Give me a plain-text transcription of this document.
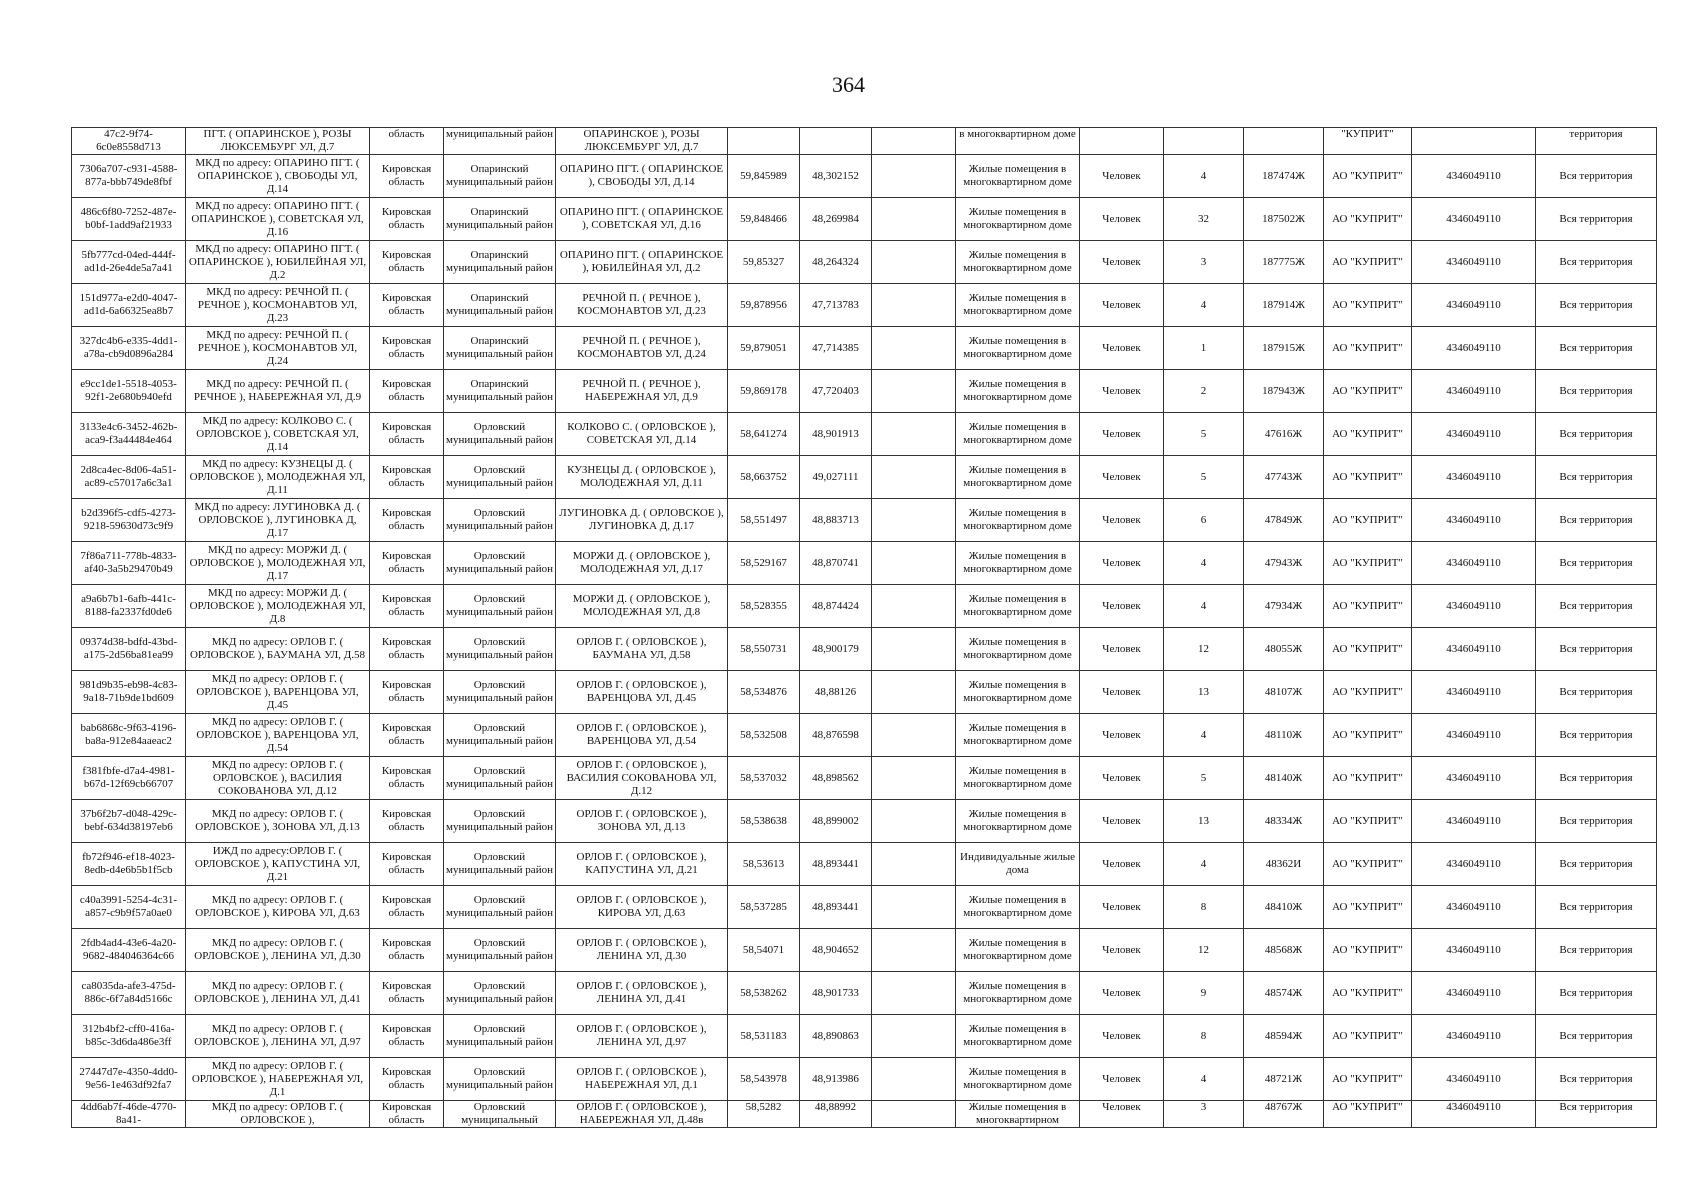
364
47c2-9f74-6c0e8558d713	ПГТ. ( ОПАРИНСКОЕ ), РОЗЫ ЛЮКСЕМБУРГ УЛ, Д.7	область	муниципальный район	ОПАРИНСКОЕ ), РОЗЫ ЛЮКСЕМБУРГ УЛ, Д.7				в многоквартирном доме				"КУПРИТ"		территория
7306a707-c931-4588-877a-bbb749de8fbf	МКД по адресу: ОПАРИНО ПГТ. ( ОПАРИНСКОЕ ), СВОБОДЫ УЛ, Д.14	Кировская область	Опаринский муниципальный район	ОПАРИНО ПГТ. ( ОПАРИНСКОЕ ), СВОБОДЫ УЛ, Д.14	59,845989	48,302152		Жилые помещения в многоквартирном доме	Человек	4	187474Ж	АО "КУПРИТ"	4346049110	Вся территория
486c6f80-7252-487e-b0bf-1add9af21933	МКД по адресу: ОПАРИНО ПГТ. ( ОПАРИНСКОЕ ), СОВЕТСКАЯ УЛ, Д.16	Кировская область	Опаринский муниципальный район	ОПАРИНО ПГТ. ( ОПАРИНСКОЕ ), СОВЕТСКАЯ УЛ, Д.16	59,848466	48,269984		Жилые помещения в многоквартирном доме	Человек	32	187502Ж	АО "КУПРИТ"	4346049110	Вся территория
5fb777cd-04ed-444f-ad1d-26e4de5a7a41	МКД по адресу: ОПАРИНО ПГТ. ( ОПАРИНСКОЕ ), ЮБИЛЕЙНАЯ УЛ, Д.2	Кировская область	Опаринский муниципальный район	ОПАРИНО ПГТ. ( ОПАРИНСКОЕ ), ЮБИЛЕЙНАЯ УЛ, Д.2	59,85327	48,264324		Жилые помещения в многоквартирном доме	Человек	3	187775Ж	АО "КУПРИТ"	4346049110	Вся территория
151d977a-e2d0-4047-ad1d-6a66325ea8b7	МКД по адресу: РЕЧНОЙ П. ( РЕЧНОЕ ), КОСМОНАВТОВ УЛ, Д.23	Кировская область	Опаринский муниципальный район	РЕЧНОЙ П. ( РЕЧНОЕ ), КОСМОНАВТОВ УЛ, Д.23	59,878956	47,713783		Жилые помещения в многоквартирном доме	Человек	4	187914Ж	АО "КУПРИТ"	4346049110	Вся территория
327dc4b6-e335-4dd1-a78a-cb9d0896a284	МКД по адресу: РЕЧНОЙ П. ( РЕЧНОЕ ), КОСМОНАВТОВ УЛ, Д.24	Кировская область	Опаринский муниципальный район	РЕЧНОЙ П. ( РЕЧНОЕ ), КОСМОНАВТОВ УЛ, Д.24	59,879051	47,714385		Жилые помещения в многоквартирном доме	Человек	1	187915Ж	АО "КУПРИТ"	4346049110	Вся территория
e9cc1de1-5518-4053-92f1-2e680b940efd	МКД по адресу: РЕЧНОЙ П. ( РЕЧНОЕ ), НАБЕРЕЖНАЯ УЛ, Д.9	Кировская область	Опаринский муниципальный район	РЕЧНОЙ П. ( РЕЧНОЕ ), НАБЕРЕЖНАЯ УЛ, Д.9	59,869178	47,720403		Жилые помещения в многоквартирном доме	Человек	2	187943Ж	АО "КУПРИТ"	4346049110	Вся территория
3133e4c6-3452-462b-aca9-f3a44484e464	МКД по адресу: КОЛКОВО С. ( ОРЛОВСКОЕ ), СОВЕТСКАЯ УЛ, Д.14	Кировская область	Орловский муниципальный район	КОЛКОВО С. ( ОРЛОВСКОЕ ), СОВЕТСКАЯ УЛ, Д.14	58,641274	48,901913		Жилые помещения в многоквартирном доме	Человек	5	47616Ж	АО "КУПРИТ"	4346049110	Вся территория
2d8ca4ec-8d06-4a51-ac89-c57017a6c3a1	МКД по адресу: КУЗНЕЦЫ Д. ( ОРЛОВСКОЕ ), МОЛОДЕЖНАЯ УЛ, Д.11	Кировская область	Орловский муниципальный район	КУЗНЕЦЫ Д. ( ОРЛОВСКОЕ ), МОЛОДЕЖНАЯ УЛ, Д.11	58,663752	49,027111		Жилые помещения в многоквартирном доме	Человек	5	47743Ж	АО "КУПРИТ"	4346049110	Вся территория
b2d396f5-cdf5-4273-9218-59630d73c9f9	МКД по адресу: ЛУГИНОВКА Д. ( ОРЛОВСКОЕ ), ЛУГИНОВКА Д, Д.17	Кировская область	Орловский муниципальный район	ЛУГИНОВКА Д. ( ОРЛОВСКОЕ ), ЛУГИНОВКА Д, Д.17	58,551497	48,883713		Жилые помещения в многоквартирном доме	Человек	6	47849Ж	АО "КУПРИТ"	4346049110	Вся территория
7f86a711-778b-4833-af40-3a5b29470b49	МКД по адресу: МОРЖИ Д. ( ОРЛОВСКОЕ ), МОЛОДЕЖНАЯ УЛ, Д.17	Кировская область	Орловский муниципальный район	МОРЖИ Д. ( ОРЛОВСКОЕ ), МОЛОДЕЖНАЯ УЛ, Д.17	58,529167	48,870741		Жилые помещения в многоквартирном доме	Человек	4	47943Ж	АО "КУПРИТ"	4346049110	Вся территория
a9a6b7b1-6afb-441c-8188-fa2337fd0de6	МКД по адресу: МОРЖИ Д. ( ОРЛОВСКОЕ ), МОЛОДЕЖНАЯ УЛ, Д.8	Кировская область	Орловский муниципальный район	МОРЖИ Д. ( ОРЛОВСКОЕ ), МОЛОДЕЖНАЯ УЛ, Д.8	58,528355	48,874424		Жилые помещения в многоквартирном доме	Человек	4	47934Ж	АО "КУПРИТ"	4346049110	Вся территория
09374d38-bdfd-43bd-a175-2d56ba81ea99	МКД по адресу: ОРЛОВ Г. ( ОРЛОВСКОЕ ), БАУМАНА УЛ, Д.58	Кировская область	Орловский муниципальный район	ОРЛОВ Г. ( ОРЛОВСКОЕ ), БАУМАНА УЛ, Д.58	58,550731	48,900179		Жилые помещения в многоквартирном доме	Человек	12	48055Ж	АО "КУПРИТ"	4346049110	Вся территория
981d9b35-eb98-4c83-9a18-71b9de1bd609	МКД по адресу: ОРЛОВ Г. ( ОРЛОВСКОЕ ), ВАРЕНЦОВА УЛ, Д.45	Кировская область	Орловский муниципальный район	ОРЛОВ Г. ( ОРЛОВСКОЕ ), ВАРЕНЦОВА УЛ, Д.45	58,534876	48,88126		Жилые помещения в многоквартирном доме	Человек	13	48107Ж	АО "КУПРИТ"	4346049110	Вся территория
bab6868c-9f63-4196-ba8a-912e84aaeac2	МКД по адресу: ОРЛОВ Г. ( ОРЛОВСКОЕ ), ВАРЕНЦОВА УЛ, Д.54	Кировская область	Орловский муниципальный район	ОРЛОВ Г. ( ОРЛОВСКОЕ ), ВАРЕНЦОВА УЛ, Д.54	58,532508	48,876598		Жилые помещения в многоквартирном доме	Человек	4	48110Ж	АО "КУПРИТ"	4346049110	Вся территория
f381fbfe-d7a4-4981-b67d-12f69cb66707	МКД по адресу: ОРЛОВ Г. ( ОРЛОВСКОЕ ), ВАСИЛИЯ СОКОВАНОВА УЛ, Д.12	Кировская область	Орловский муниципальный район	ОРЛОВ Г. ( ОРЛОВСКОЕ ), ВАСИЛИЯ СОКОВАНОВА УЛ, Д.12	58,537032	48,898562		Жилые помещения в многоквартирном доме	Человек	5	48140Ж	АО "КУПРИТ"	4346049110	Вся территория
37b6f2b7-d048-429c-bebf-634d38197eb6	МКД по адресу: ОРЛОВ Г. ( ОРЛОВСКОЕ ), ЗОНОВА УЛ, Д.13	Кировская область	Орловский муниципальный район	ОРЛОВ Г. ( ОРЛОВСКОЕ ), ЗОНОВА УЛ, Д.13	58,538638	48,899002		Жилые помещения в многоквартирном доме	Человек	13	48334Ж	АО "КУПРИТ"	4346049110	Вся территория
fb72f946-ef18-4023-8edb-d4e6b5b1f5cb	ИЖД по адресу:ОРЛОВ Г. ( ОРЛОВСКОЕ ), КАПУСТИНА УЛ, Д.21	Кировская область	Орловский муниципальный район	ОРЛОВ Г. ( ОРЛОВСКОЕ ), КАПУСТИНА УЛ, Д.21	58,53613	48,893441		Индивидуальные жилые дома	Человек	4	48362И	АО "КУПРИТ"	4346049110	Вся территория
c40a3991-5254-4c31-a857-c9b9f57a0ae0	МКД по адресу: ОРЛОВ Г. ( ОРЛОВСКОЕ ), КИРОВА УЛ, Д.63	Кировская область	Орловский муниципальный район	ОРЛОВ Г. ( ОРЛОВСКОЕ ), КИРОВА УЛ, Д.63	58,537285	48,893441		Жилые помещения в многоквартирном доме	Человек	8	48410Ж	АО "КУПРИТ"	4346049110	Вся территория
2fdb4ad4-43e6-4a20-9682-484046364c66	МКД по адресу: ОРЛОВ Г. ( ОРЛОВСКОЕ ), ЛЕНИНА УЛ, Д.30	Кировская область	Орловский муниципальный район	ОРЛОВ Г. ( ОРЛОВСКОЕ ), ЛЕНИНА УЛ, Д.30	58,54071	48,904652		Жилые помещения в многоквартирном доме	Человек	12	48568Ж	АО "КУПРИТ"	4346049110	Вся территория
ca8035da-afe3-475d-886c-6f7a84d5166c	МКД по адресу: ОРЛОВ Г. ( ОРЛОВСКОЕ ), ЛЕНИНА УЛ, Д.41	Кировская область	Орловский муниципальный район	ОРЛОВ Г. ( ОРЛОВСКОЕ ), ЛЕНИНА УЛ, Д.41	58,538262	48,901733		Жилые помещения в многоквартирном доме	Человек	9	48574Ж	АО "КУПРИТ"	4346049110	Вся территория
312b4bf2-cff0-416a-b85c-3d6da486e3ff	МКД по адресу: ОРЛОВ Г. ( ОРЛОВСКОЕ ), ЛЕНИНА УЛ, Д.97	Кировская область	Орловский муниципальный район	ОРЛОВ Г. ( ОРЛОВСКОЕ ), ЛЕНИНА УЛ, Д.97	58,531183	48,890863		Жилые помещения в многоквартирном доме	Человек	8	48594Ж	АО "КУПРИТ"	4346049110	Вся территория
27447d7e-4350-4dd0-9e56-1e463df92fa7	МКД по адресу: ОРЛОВ Г. ( ОРЛОВСКОЕ ), НАБЕРЕЖНАЯ УЛ, Д.1	Кировская область	Орловский муниципальный район	ОРЛОВ Г. ( ОРЛОВСКОЕ ), НАБЕРЕЖНАЯ УЛ, Д.1	58,543978	48,913986		Жилые помещения в многоквартирном доме	Человек	4	48721Ж	АО "КУПРИТ"	4346049110	Вся территория
4dd6ab7f-46de-4770-8a41-	МКД по адресу: ОРЛОВ Г. ( ОРЛОВСКОЕ ),	Кировская область	Орловский муниципальный	ОРЛОВ Г. ( ОРЛОВСКОЕ ), НАБЕРЕЖНАЯ УЛ, Д.48в	58,5282	48,88992		Жилые помещения в многоквартирном	Человек	3	48767Ж	АО "КУПРИТ"	4346049110	Вся территория
